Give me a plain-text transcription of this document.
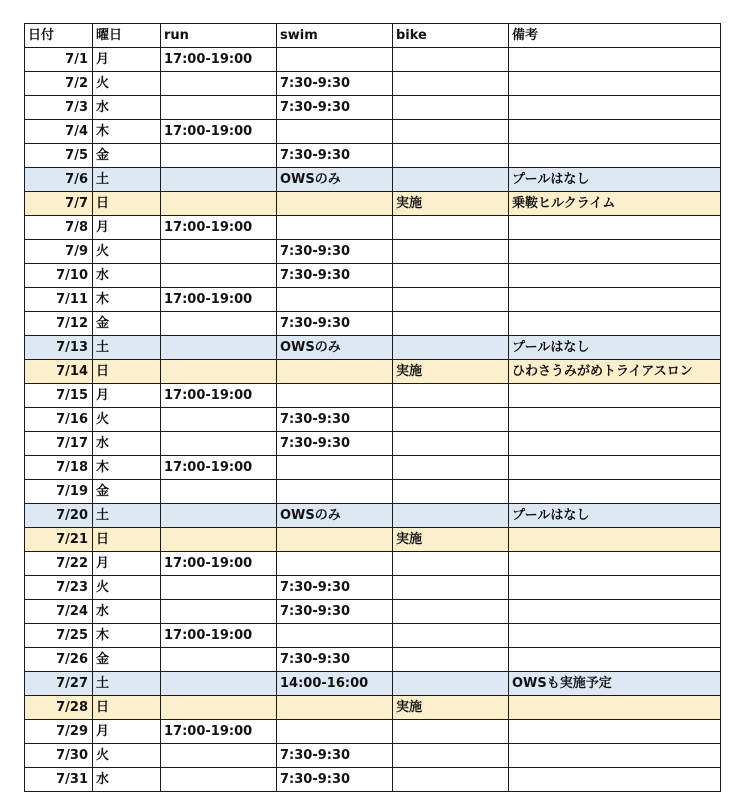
日付	曜日	run	swim	bike	備考
7/1	月	17:00-19:00			
7/2	火		7:30-9:30		
7/3	水		7:30-9:30		
7/4	木	17:00-19:00			
7/5	金		7:30-9:30		
7/6	土		OWSのみ		プールはなし
7/7	日			実施	乗鞍ヒルクライム
7/8	月	17:00-19:00			
7/9	火		7:30-9:30		
7/10	水		7:30-9:30		
7/11	木	17:00-19:00			
7/12	金		7:30-9:30		
7/13	土		OWSのみ		プールはなし
7/14	日			実施	ひわさうみがめトライアスロン
7/15	月	17:00-19:00			
7/16	火		7:30-9:30		
7/17	水		7:30-9:30		
7/18	木	17:00-19:00			
7/19	金				
7/20	土		OWSのみ		プールはなし
7/21	日			実施	
7/22	月	17:00-19:00			
7/23	火		7:30-9:30		
7/24	水		7:30-9:30		
7/25	木	17:00-19:00			
7/26	金		7:30-9:30		
7/27	土		14:00-16:00		OWSも実施予定
7/28	日			実施	
7/29	月	17:00-19:00			
7/30	火		7:30-9:30		
7/31	水		7:30-9:30		
